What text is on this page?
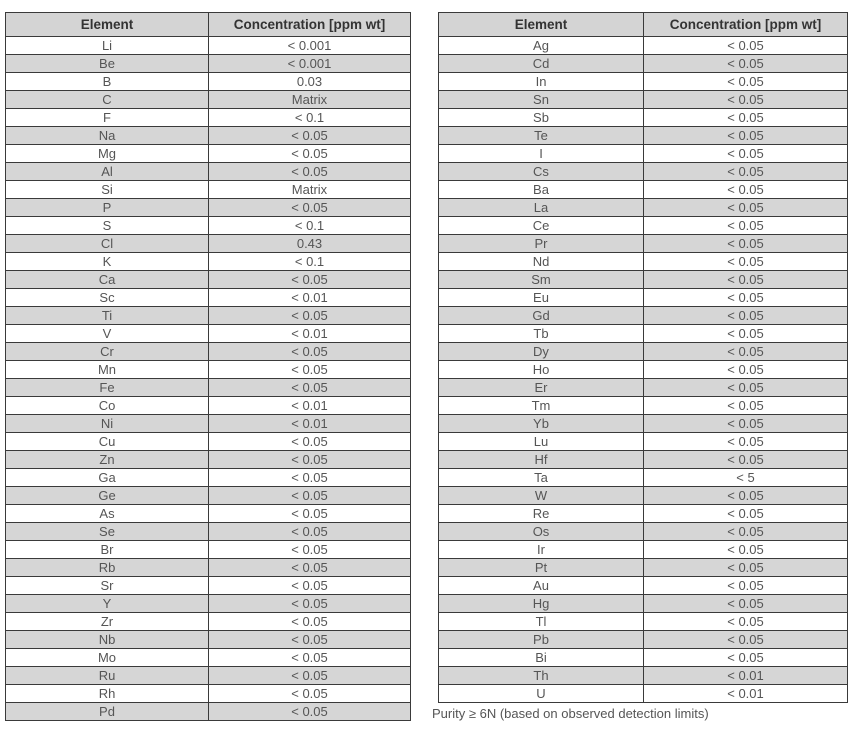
Element	Concentration [ppm wt]
Li	< 0.001
Be	< 0.001
B	0.03
C	Matrix
F	< 0.1
Na	< 0.05
Mg	< 0.05
Al	< 0.05
Si	Matrix
P	< 0.05
S	< 0.1
Cl	0.43
K	< 0.1
Ca	< 0.05
Sc	< 0.01
Ti	< 0.05
V	< 0.01
Cr	< 0.05
Mn	< 0.05
Fe	< 0.05
Co	< 0.01
Ni	< 0.01
Cu	< 0.05
Zn	< 0.05
Ga	< 0.05
Ge	< 0.05
As	< 0.05
Se	< 0.05
Br	< 0.05
Rb	< 0.05
Sr	< 0.05
Y	< 0.05
Zr	< 0.05
Nb	< 0.05
Mo	< 0.05
Ru	< 0.05
Rh	< 0.05
Pd	< 0.05
Element	Concentration [ppm wt]
Ag	< 0.05
Cd	< 0.05
In	< 0.05
Sn	< 0.05
Sb	< 0.05
Te	< 0.05
I	< 0.05
Cs	< 0.05
Ba	< 0.05
La	< 0.05
Ce	< 0.05
Pr	< 0.05
Nd	< 0.05
Sm	< 0.05
Eu	< 0.05
Gd	< 0.05
Tb	< 0.05
Dy	< 0.05
Ho	< 0.05
Er	< 0.05
Tm	< 0.05
Yb	< 0.05
Lu	< 0.05
Hf	< 0.05
Ta	< 5
W	< 0.05
Re	< 0.05
Os	< 0.05
Ir	< 0.05
Pt	< 0.05
Au	< 0.05
Hg	< 0.05
Tl	< 0.05
Pb	< 0.05
Bi	< 0.05
Th	< 0.01
U	< 0.01
Purity ≥ 6N (based on observed detection limits)
